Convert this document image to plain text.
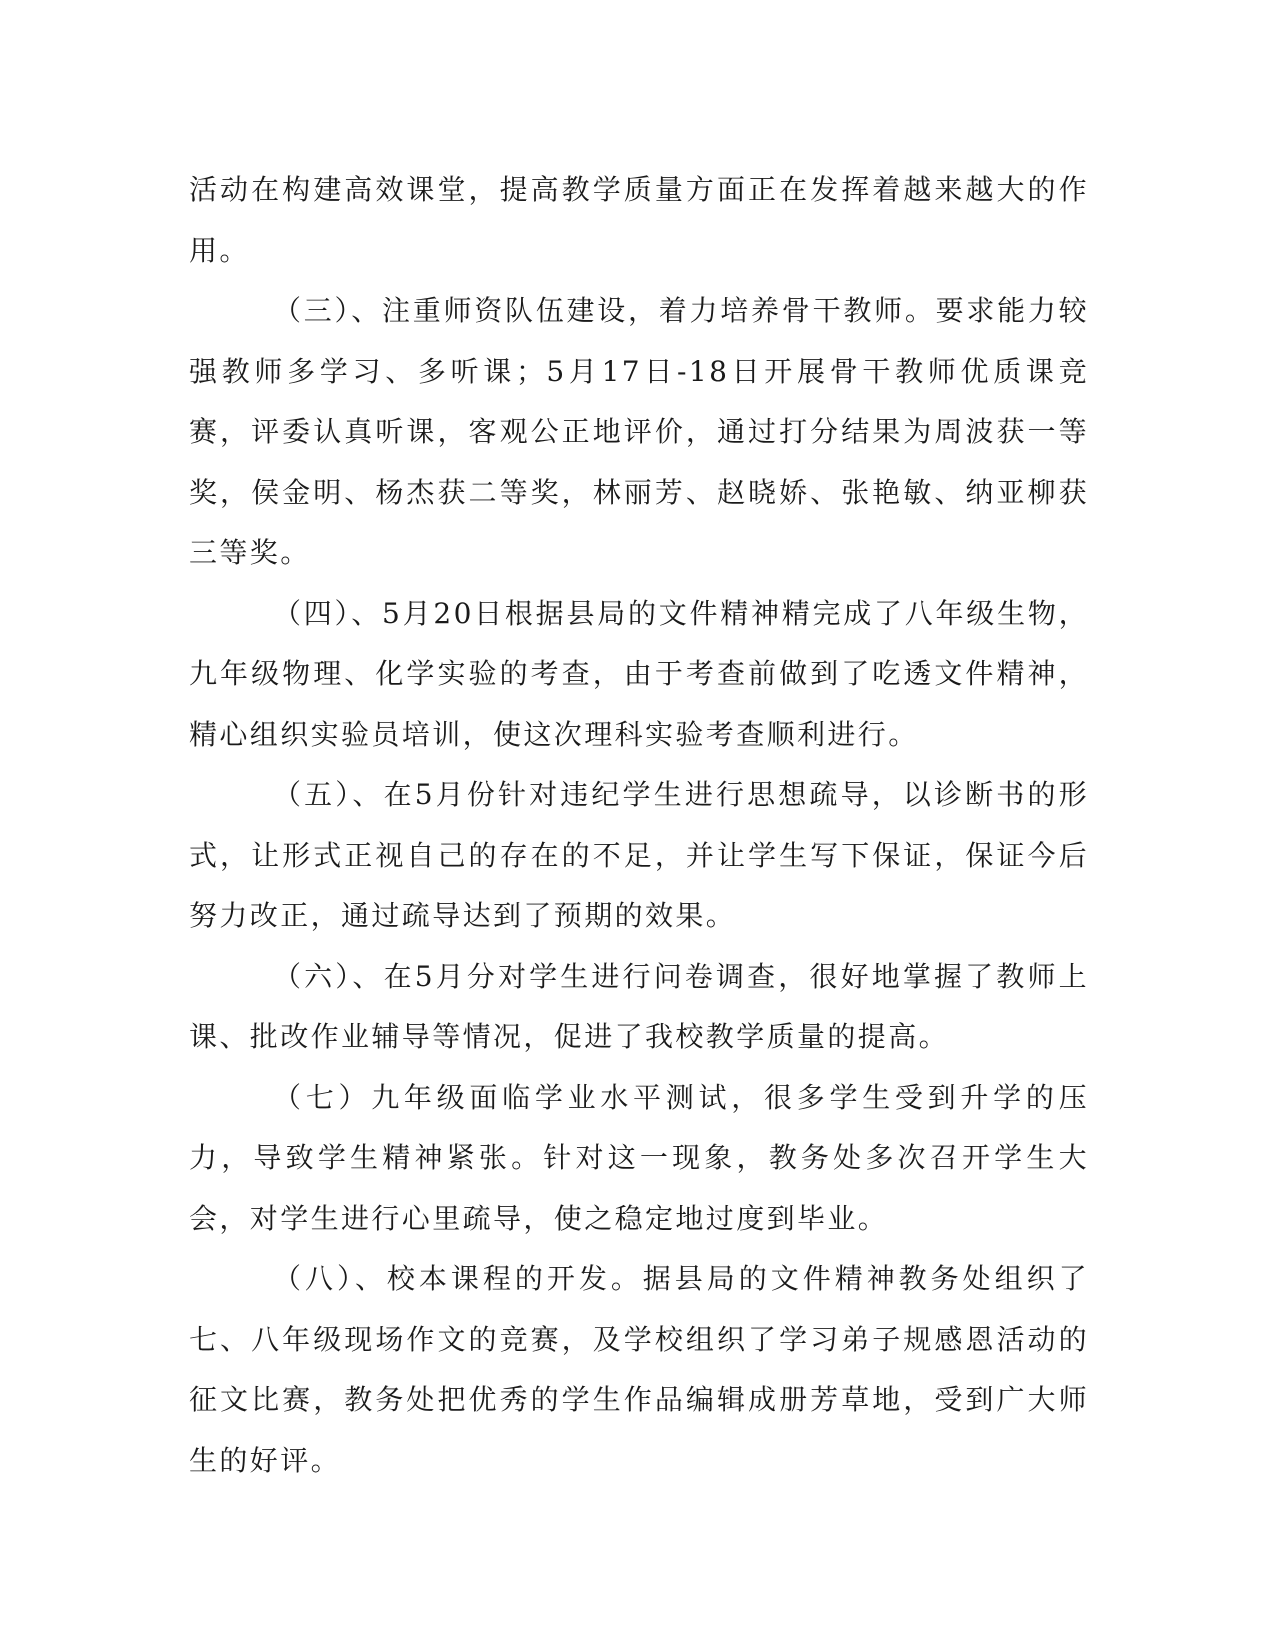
活动在构建高效课堂，提高教学质量方面正在发挥着越来越大的作用。

（三）、注重师资队伍建设，着力培养骨干教师。要求能力较强教师多学习、多听课；5月17日-18日开展骨干教师优质课竞赛，评委认真听课，客观公正地评价，通过打分结果为周波获一等奖，侯金明、杨杰获二等奖，林丽芳、赵晓娇、张艳敏、纳亚柳获三等奖。

（四）、5月20日根据县局的文件精神精完成了八年级生物，九年级物理、化学实验的考查，由于考查前做到了吃透文件精神，精心组织实验员培训，使这次理科实验考查顺利进行。

（五）、在5月份针对违纪学生进行思想疏导，以诊断书的形式，让形式正视自己的存在的不足，并让学生写下保证，保证今后努力改正，通过疏导达到了预期的效果。

（六）、在5月分对学生进行问卷调查，很好地掌握了教师上课、批改作业辅导等情况，促进了我校教学质量的提高。

（七）九年级面临学业水平测试，很多学生受到升学的压力，导致学生精神紧张。针对这一现象，教务处多次召开学生大会，对学生进行心里疏导，使之稳定地过度到毕业。

（八）、校本课程的开发。据县局的文件精神教务处组织了七、八年级现场作文的竞赛，及学校组织了学习弟子规感恩活动的征文比赛，教务处把优秀的学生作品编辑成册芳草地，受到广大师生的好评。
